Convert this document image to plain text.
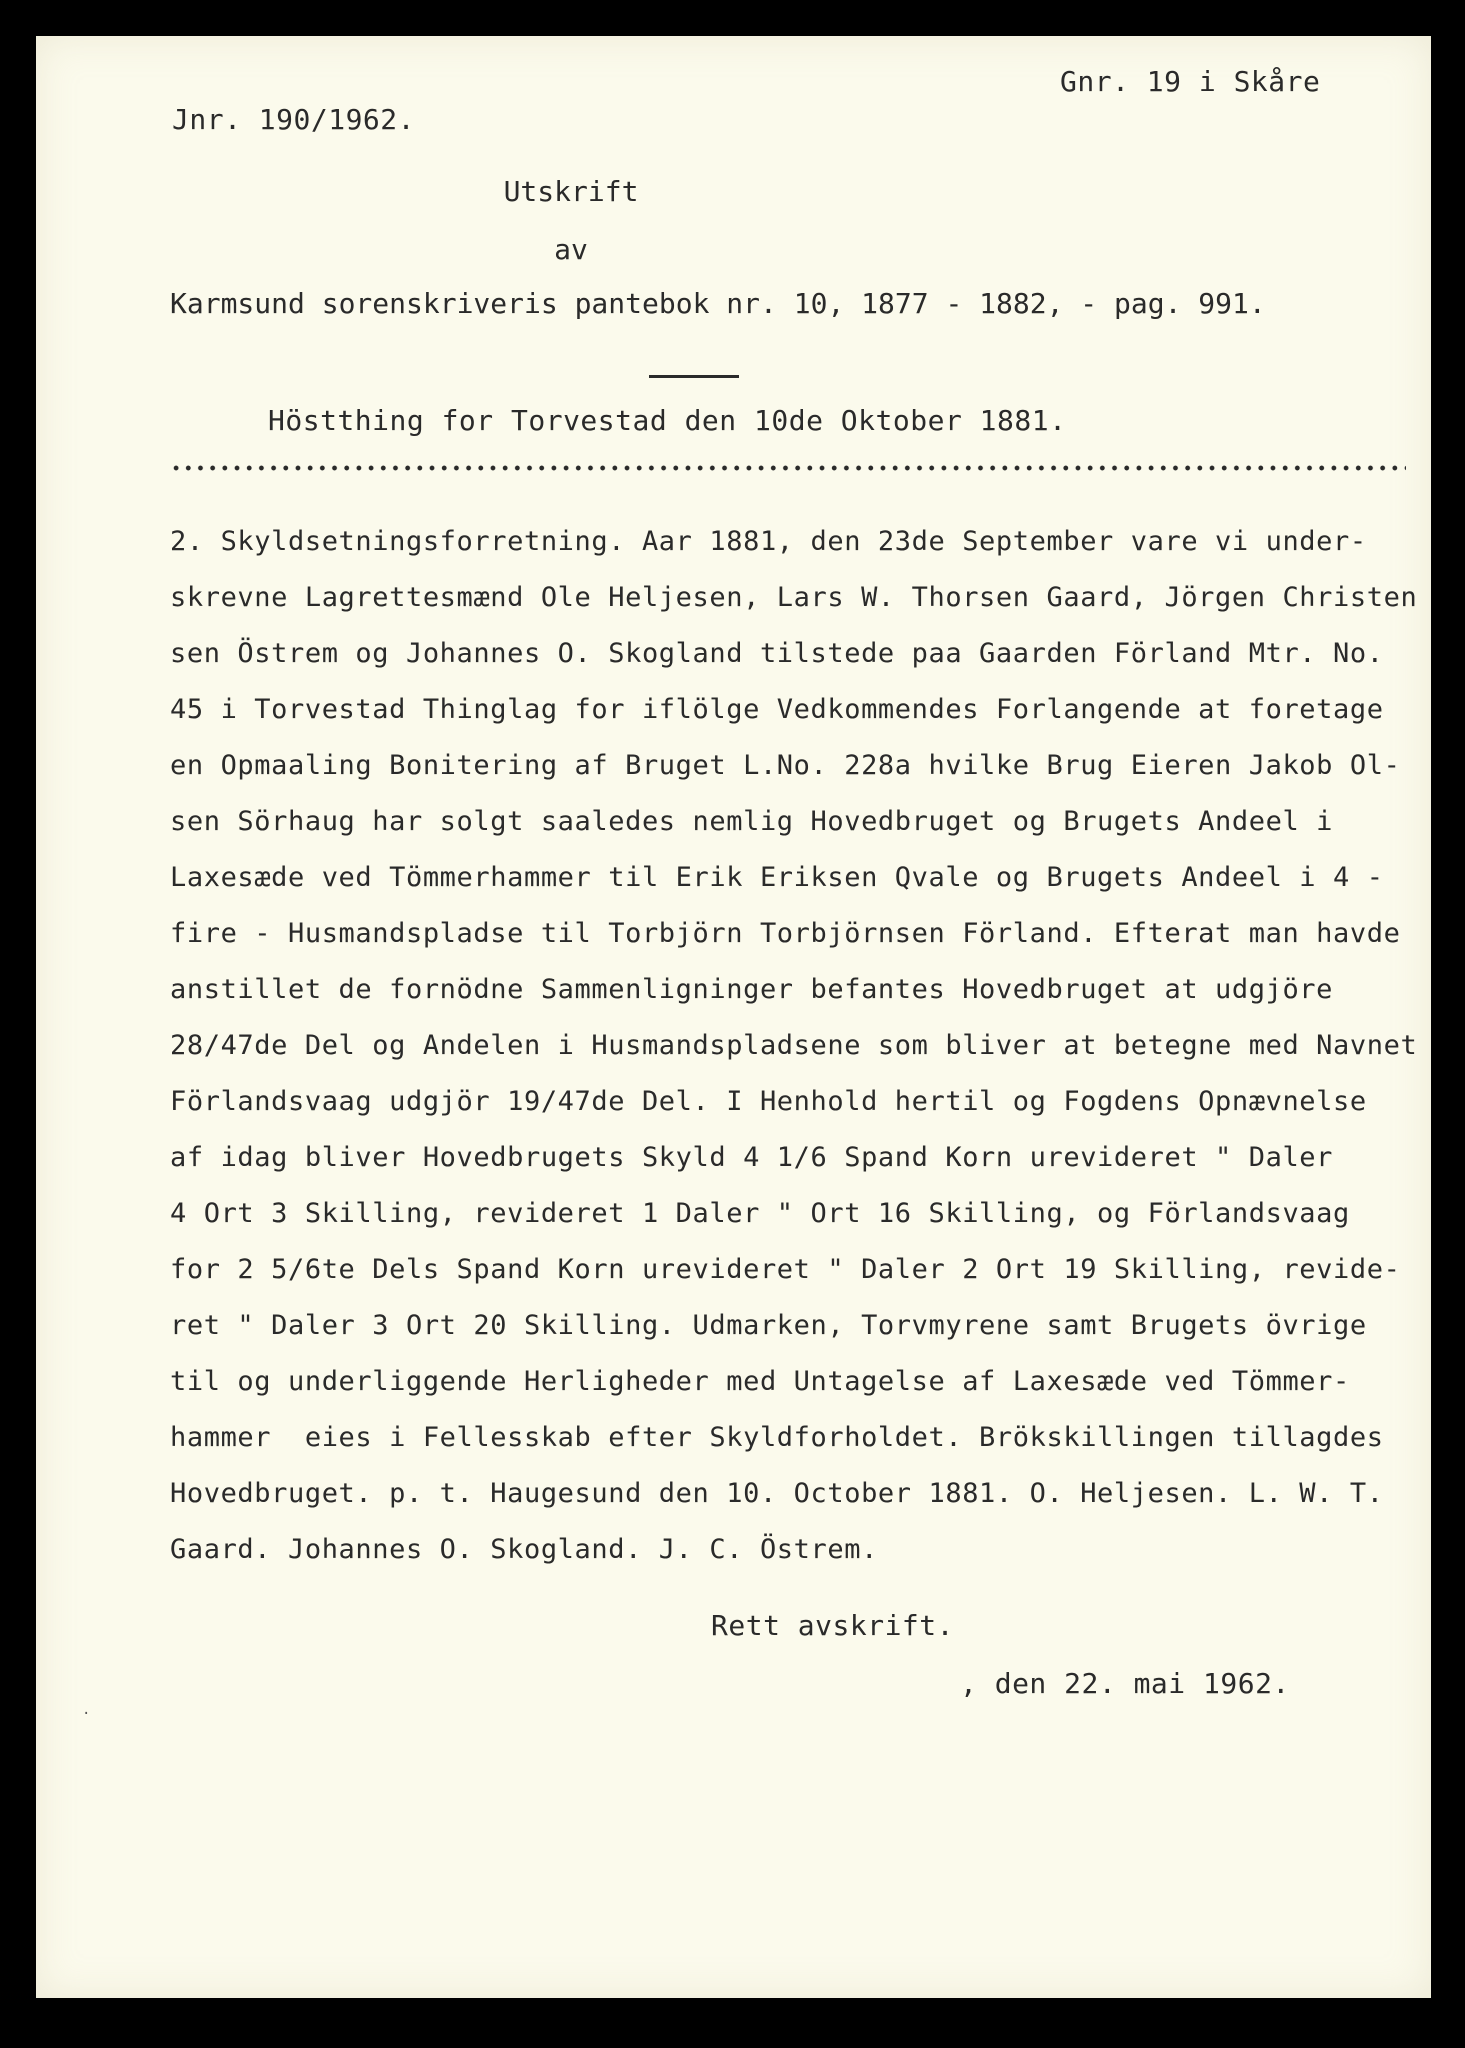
Gnr. 19 i Skåre
Jnr. 190/1962.
Utskrift
av
Karmsund sorenskriveris pantebok nr. 10, 1877 - 1882, - pag. 991.
Höstthing for Torvestad den 10de Oktober 1881.
2. Skyldsetningsforretning. Aar 1881, den 23de September vare vi under-
skrevne Lagrettesmænd Ole Heljesen, Lars W. Thorsen Gaard, Jörgen Christen
sen Östrem og Johannes O. Skogland tilstede paa Gaarden Förland Mtr. No.
45 i Torvestad Thinglag for iflölge Vedkommendes Forlangende at foretage
en Opmaaling Bonitering af Bruget L.No. 228a hvilke Brug Eieren Jakob Ol-
sen Sörhaug har solgt saaledes nemlig Hovedbruget og Brugets Andeel i
Laxesæde ved Tömmerhammer til Erik Eriksen Qvale og Brugets Andeel i 4 -
fire - Husmandspladse til Torbjörn Torbjörnsen Förland. Efterat man havde
anstillet de fornödne Sammenligninger befantes Hovedbruget at udgjöre
28/47de Del og Andelen i Husmandspladsene som bliver at betegne med Navnet
Förlandsvaag udgjör 19/47de Del. I Henhold hertil og Fogdens Opnævnelse
af idag bliver Hovedbrugets Skyld 4 1/6 Spand Korn urevideret " Daler
4 Ort 3 Skilling, revideret 1 Daler " Ort 16 Skilling, og Förlandsvaag
for 2 5/6te Dels Spand Korn urevideret " Daler 2 Ort 19 Skilling, revide-
ret " Daler 3 Ort 20 Skilling. Udmarken, Torvmyrene samt Brugets övrige
til og underliggende Herligheder med Untagelse af Laxesæde ved Tömmer-
hammer  eies i Fellesskab efter Skyldforholdet. Brökskillingen tillagdes
Hovedbruget. p. t. Haugesund den 10. October 1881. O. Heljesen. L. W. T.
Gaard. Johannes O. Skogland. J. C. Östrem.
Rett avskrift.
, den 22. mai 1962.
·
